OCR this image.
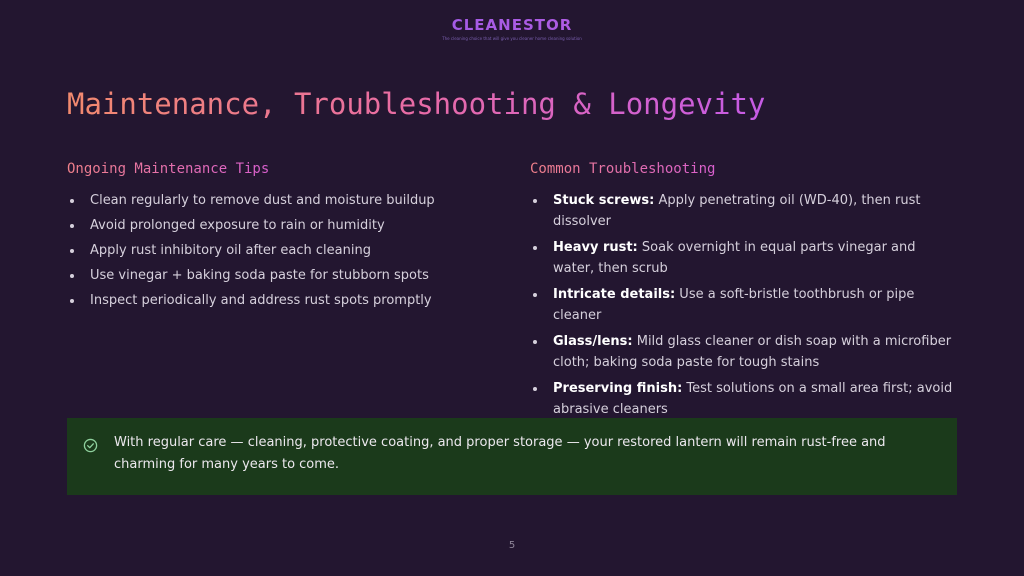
CLEANESTOR
The cleaning choice that will give you cleaner home cleaning solution
Maintenance, Troubleshooting & Longevity
Ongoing Maintenance Tips
Clean regularly to remove dust and moisture buildup
Avoid prolonged exposure to rain or humidity
Apply rust inhibitory oil after each cleaning
Use vinegar + baking soda paste for stubborn spots
Inspect periodically and address rust spots promptly
Common Troubleshooting
Stuck screws: Apply penetrating oil (WD-40), then rust dissolver
Heavy rust: Soak overnight in equal parts vinegar and water, then scrub
Intricate details: Use a soft-bristle toothbrush or pipe cleaner
Glass/lens: Mild glass cleaner or dish soap with a microfiber cloth; baking soda paste for tough stains
Preserving finish: Test solutions on a small area first; avoid abrasive cleaners
With regular care — cleaning, protective coating, and proper storage — your restored lantern will remain rust-free and charming for many years to come.
5
